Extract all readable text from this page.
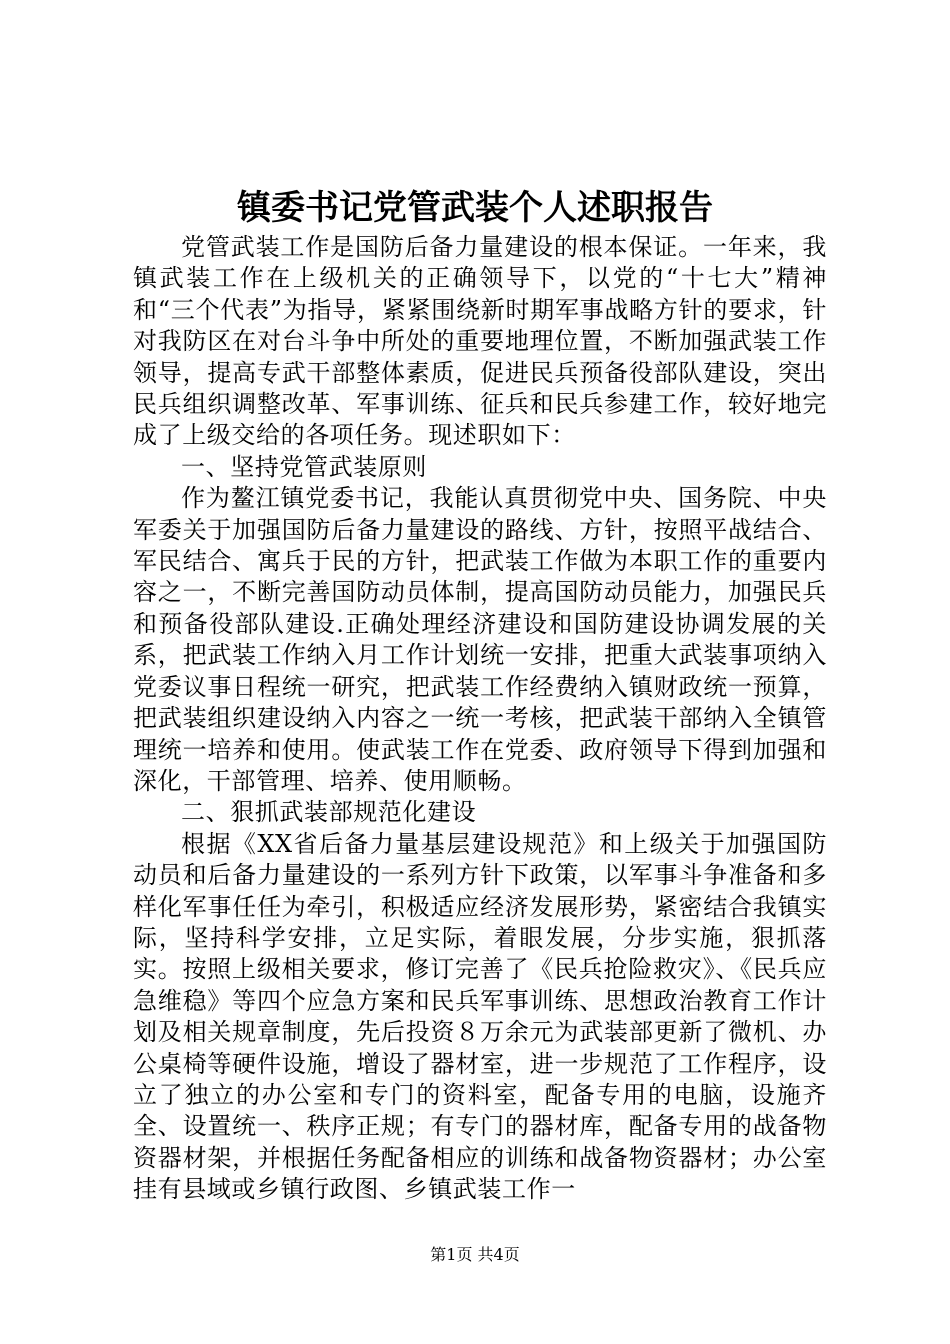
镇委书记党管武装个人述职报告

党管武装工作是国防后备力量建设的根本保证。一年来，我镇武装工作在上级机关的正确领导下，以党的“十七大”精神和“三个代表”为指导，紧紧围绕新时期军事战略方针的要求，针对我防区在对台斗争中所处的重要地理位置，不断加强武装工作领导，提高专武干部整体素质，促进民兵预备役部队建设，突出民兵组织调整改革、军事训练、征兵和民兵参建工作，较好地完成了上级交给的各项任务。现述职如下：

一、坚持党管武装原则

作为鳌江镇党委书记，我能认真贯彻党中央、国务院、中央军委关于加强国防后备力量建设的路线、方针，按照平战结合、军民结合、寓兵于民的方针，把武装工作做为本职工作的重要内容之一，不断完善国防动员体制，提高国防动员能力，加强民兵和预备役部队建设.正确处理经济建设和国防建设协调发展的关系，把武装工作纳入月工作计划统一安排，把重大武装事项纳入党委议事日程统一研究，把武装工作经费纳入镇财政统一预算，把武装组织建设纳入内容之一统一考核，把武装干部纳入全镇管理统一培养和使用。使武装工作在党委、政府领导下得到加强和深化，干部管理、培养、使用顺畅。

二、狠抓武装部规范化建设

根据《XX省后备力量基层建设规范》和上级关于加强国防动员和后备力量建设的一系列方针下政策，以军事斗争准备和多样化军事任任为牵引，积极适应经济发展形势，紧密结合我镇实际，坚持科学安排，立足实际，着眼发展，分步实施，狠抓落实。按照上级相关要求，修订完善了《民兵抢险救灾》、《民兵应急维稳》等四个应急方案和民兵军事训练、思想政治教育工作计划及相关规章制度，先后投资８万余元为武装部更新了微机、办公桌椅等硬件设施，增设了器材室，进一步规范了工作程序，设立了独立的办公室和专门的资料室，配备专用的电脑，设施齐全、设置统一、秩序正规；有专门的器材库，配备专用的战备物资器材架，并根据任务配备相应的训练和战备物资器材；办公室挂有县域或乡镇行政图、乡镇武装工作一

第1页 共4页
